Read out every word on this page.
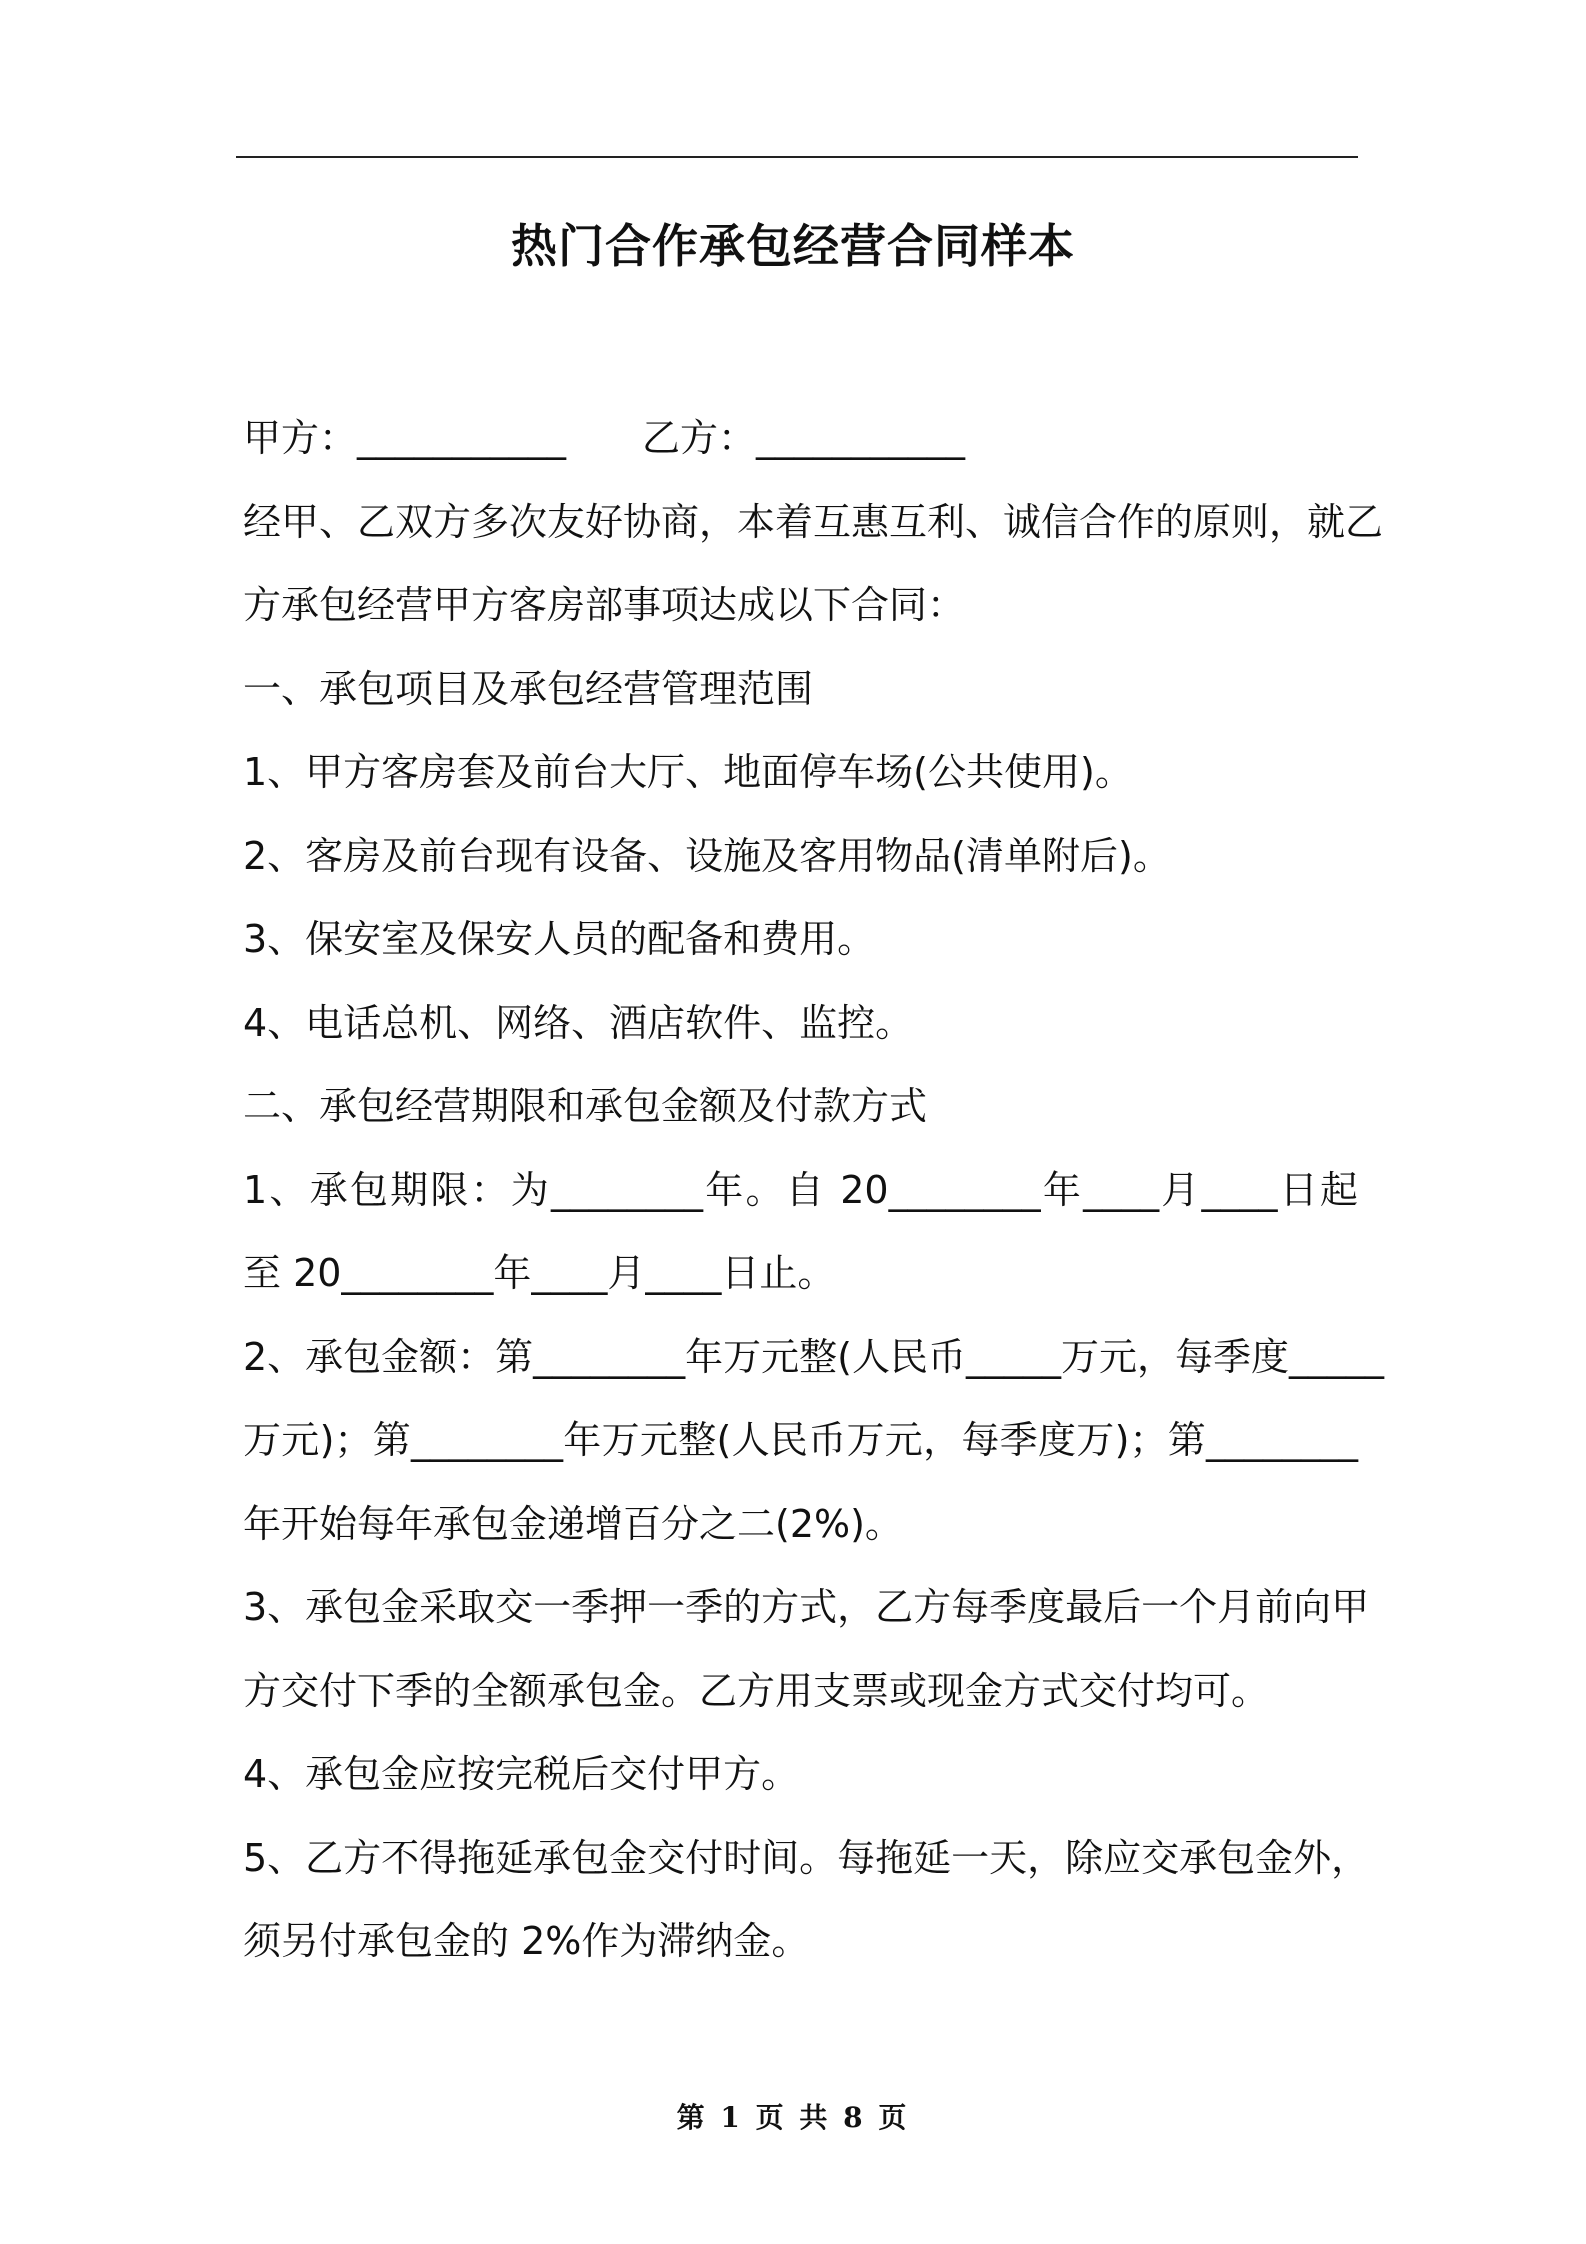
热门合作承包经营合同样本
甲方：___________ 乙方：___________
经甲、乙双方多次友好协商，本着互惠互利、诚信合作的原则，就乙
方承包经营甲方客房部事项达成以下合同：
一、承包项目及承包经营管理范围
1、甲方客房套及前台大厅、地面停车场(公共使用)。
2、客房及前台现有设备、设施及客用物品(清单附后)。
3、保安室及保安人员的配备和费用。
4、电话总机、网络、酒店软件、监控。
二、承包经营期限和承包金额及付款方式
1、承包期限：为________年。自 20________年____月____日起
至 20________年____月____日止。
2、承包金额：第________年万元整(人民币_____万元，每季度_____
万元)；第________年万元整(人民币万元，每季度万)；第________
年开始每年承包金递增百分之二(2%)。
3、承包金采取交一季押一季的方式，乙方每季度最后一个月前向甲
方交付下季的全额承包金。乙方用支票或现金方式交付均可。
4、承包金应按完税后交付甲方。
5、乙方不得拖延承包金交付时间。每拖延一天，除应交承包金外，
须另付承包金的 2%作为滞纳金。
第 1 页 共 8 页
